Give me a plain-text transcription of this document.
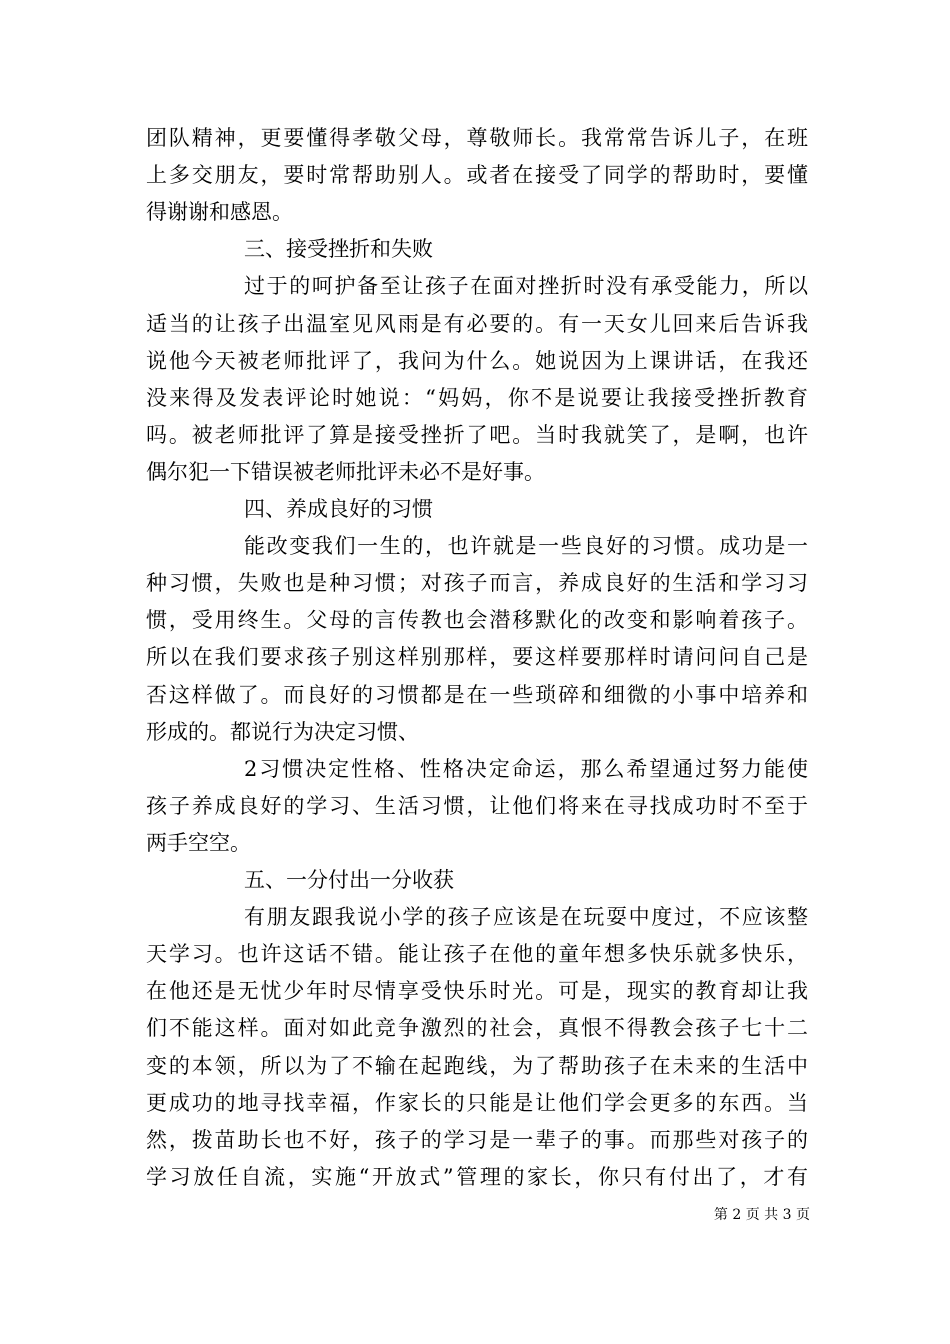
团队精神，更要懂得孝敬父母，尊敬师长。我常常告诉儿子，在班
上多交朋友，要时常帮助别人。或者在接受了同学的帮助时，要懂
得谢谢和感恩。
三、接受挫折和失败
过于的呵护备至让孩子在面对挫折时没有承受能力，所以
适当的让孩子出温室见风雨是有必要的。有一天女儿回来后告诉我
说他今天被老师批评了，我问为什么。她说因为上课讲话，在我还
没来得及发表评论时她说：“妈妈，你不是说要让我接受挫折教育
吗。被老师批评了算是接受挫折了吧。当时我就笑了，是啊，也许
偶尔犯一下错误被老师批评未必不是好事。
四、养成良好的习惯
能改变我们一生的，也许就是一些良好的习惯。成功是一
种习惯，失败也是种习惯；对孩子而言，养成良好的生活和学习习
惯，受用终生。父母的言传教也会潜移默化的改变和影响着孩子。
所以在我们要求孩子别这样别那样，要这样要那样时请问问自己是
否这样做了。而良好的习惯都是在一些琐碎和细微的小事中培养和
形成的。都说行为决定习惯、
2习惯决定性格、性格决定命运，那么希望通过努力能使
孩子养成良好的学习、生活习惯，让他们将来在寻找成功时不至于
两手空空。
五、一分付出一分收获
有朋友跟我说小学的孩子应该是在玩耍中度过，不应该整
天学习。也许这话不错。能让孩子在他的童年想多快乐就多快乐，
在他还是无忧少年时尽情享受快乐时光。可是，现实的教育却让我
们不能这样。面对如此竞争激烈的社会，真恨不得教会孩子七十二
变的本领，所以为了不输在起跑线，为了帮助孩子在未来的生活中
更成功的地寻找幸福，作家长的只能是让他们学会更多的东西。当
然，拨苗助长也不好，孩子的学习是一辈子的事。而那些对孩子的
学习放任自流，实施“开放式”管理的家长，你只有付出了，才有
第 2 页 共 3 页
